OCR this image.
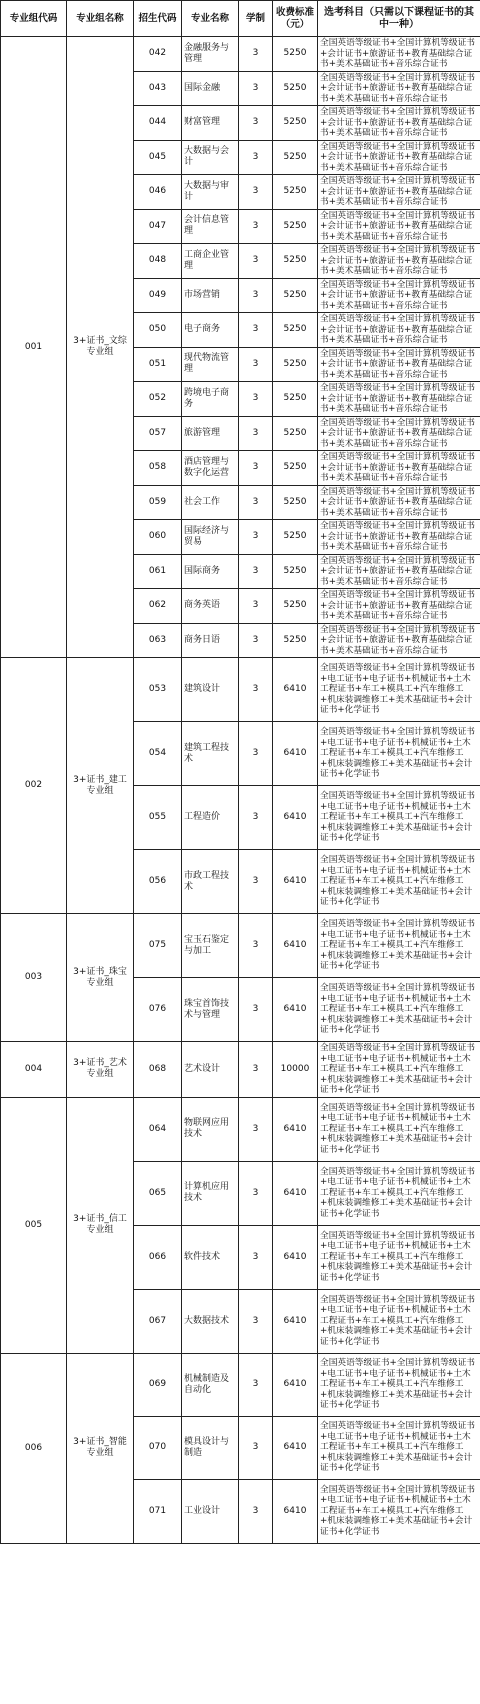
专业组代码	专业组名称	招生代码	专业名称	学制	收费标准（元）	选考科目（只需以下课程证书的其中一种）
001	3+证书_文综专业组	042	金融服务与管理	3	5250	全国英语等级证书+全国计算机等级证书+会计证书+旅游证书+教育基础综合证书+美术基础证书+音乐综合证书
		043	国际金融	3	5250	全国英语等级证书+全国计算机等级证书+会计证书+旅游证书+教育基础综合证书+美术基础证书+音乐综合证书
		044	财富管理	3	5250	全国英语等级证书+全国计算机等级证书+会计证书+旅游证书+教育基础综合证书+美术基础证书+音乐综合证书
		045	大数据与会计	3	5250	全国英语等级证书+全国计算机等级证书+会计证书+旅游证书+教育基础综合证书+美术基础证书+音乐综合证书
		046	大数据与审计	3	5250	全国英语等级证书+全国计算机等级证书+会计证书+旅游证书+教育基础综合证书+美术基础证书+音乐综合证书
		047	会计信息管理	3	5250	全国英语等级证书+全国计算机等级证书+会计证书+旅游证书+教育基础综合证书+美术基础证书+音乐综合证书
		048	工商企业管理	3	5250	全国英语等级证书+全国计算机等级证书+会计证书+旅游证书+教育基础综合证书+美术基础证书+音乐综合证书
		049	市场营销	3	5250	全国英语等级证书+全国计算机等级证书+会计证书+旅游证书+教育基础综合证书+美术基础证书+音乐综合证书
		050	电子商务	3	5250	全国英语等级证书+全国计算机等级证书+会计证书+旅游证书+教育基础综合证书+美术基础证书+音乐综合证书
		051	现代物流管理	3	5250	全国英语等级证书+全国计算机等级证书+会计证书+旅游证书+教育基础综合证书+美术基础证书+音乐综合证书
		052	跨境电子商务	3	5250	全国英语等级证书+全国计算机等级证书+会计证书+旅游证书+教育基础综合证书+美术基础证书+音乐综合证书
		057	旅游管理	3	5250	全国英语等级证书+全国计算机等级证书+会计证书+旅游证书+教育基础综合证书+美术基础证书+音乐综合证书
		058	酒店管理与数字化运营	3	5250	全国英语等级证书+全国计算机等级证书+会计证书+旅游证书+教育基础综合证书+美术基础证书+音乐综合证书
		059	社会工作	3	5250	全国英语等级证书+全国计算机等级证书+会计证书+旅游证书+教育基础综合证书+美术基础证书+音乐综合证书
		060	国际经济与贸易	3	5250	全国英语等级证书+全国计算机等级证书+会计证书+旅游证书+教育基础综合证书+美术基础证书+音乐综合证书
		061	国际商务	3	5250	全国英语等级证书+全国计算机等级证书+会计证书+旅游证书+教育基础综合证书+美术基础证书+音乐综合证书
		062	商务英语	3	5250	全国英语等级证书+全国计算机等级证书+会计证书+旅游证书+教育基础综合证书+美术基础证书+音乐综合证书
		063	商务日语	3	5250	全国英语等级证书+全国计算机等级证书+会计证书+旅游证书+教育基础综合证书+美术基础证书+音乐综合证书
002	3+证书_建工专业组	053	建筑设计	3	6410	全国英语等级证书+全国计算机等级证书+电工证书+电子证书+机械证书+土木工程证书+车工+模具工+汽车维修工+机床装调维修工+美术基础证书+会计证书+化学证书
		054	建筑工程技术	3	6410	全国英语等级证书+全国计算机等级证书+电工证书+电子证书+机械证书+土木工程证书+车工+模具工+汽车维修工+机床装调维修工+美术基础证书+会计证书+化学证书
		055	工程造价	3	6410	全国英语等级证书+全国计算机等级证书+电工证书+电子证书+机械证书+土木工程证书+车工+模具工+汽车维修工+机床装调维修工+美术基础证书+会计证书+化学证书
		056	市政工程技术	3	6410	全国英语等级证书+全国计算机等级证书+电工证书+电子证书+机械证书+土木工程证书+车工+模具工+汽车维修工+机床装调维修工+美术基础证书+会计证书+化学证书
003	3+证书_珠宝专业组	075	宝玉石鉴定与加工	3	6410	全国英语等级证书+全国计算机等级证书+电工证书+电子证书+机械证书+土木工程证书+车工+模具工+汽车维修工+机床装调维修工+美术基础证书+会计证书+化学证书
		076	珠宝首饰技术与管理	3	6410	全国英语等级证书+全国计算机等级证书+电工证书+电子证书+机械证书+土木工程证书+车工+模具工+汽车维修工+机床装调维修工+美术基础证书+会计证书+化学证书
004	3+证书_艺术专业组	068	艺术设计	3	10000	全国英语等级证书+全国计算机等级证书+电工证书+电子证书+机械证书+土木工程证书+车工+模具工+汽车维修工+机床装调维修工+美术基础证书+会计证书+化学证书
005	3+证书_信工专业组	064	物联网应用技术	3	6410	全国英语等级证书+全国计算机等级证书+电工证书+电子证书+机械证书+土木工程证书+车工+模具工+汽车维修工+机床装调维修工+美术基础证书+会计证书+化学证书
		065	计算机应用技术	3	6410	全国英语等级证书+全国计算机等级证书+电工证书+电子证书+机械证书+土木工程证书+车工+模具工+汽车维修工+机床装调维修工+美术基础证书+会计证书+化学证书
		066	软件技术	3	6410	全国英语等级证书+全国计算机等级证书+电工证书+电子证书+机械证书+土木工程证书+车工+模具工+汽车维修工+机床装调维修工+美术基础证书+会计证书+化学证书
		067	大数据技术	3	6410	全国英语等级证书+全国计算机等级证书+电工证书+电子证书+机械证书+土木工程证书+车工+模具工+汽车维修工+机床装调维修工+美术基础证书+会计证书+化学证书
006	3+证书_智能专业组	069	机械制造及自动化	3	6410	全国英语等级证书+全国计算机等级证书+电工证书+电子证书+机械证书+土木工程证书+车工+模具工+汽车维修工+机床装调维修工+美术基础证书+会计证书+化学证书
		070	模具设计与制造	3	6410	全国英语等级证书+全国计算机等级证书+电工证书+电子证书+机械证书+土木工程证书+车工+模具工+汽车维修工+机床装调维修工+美术基础证书+会计证书+化学证书
		071	工业设计	3	6410	全国英语等级证书+全国计算机等级证书+电工证书+电子证书+机械证书+土木工程证书+车工+模具工+汽车维修工+机床装调维修工+美术基础证书+会计证书+化学证书
